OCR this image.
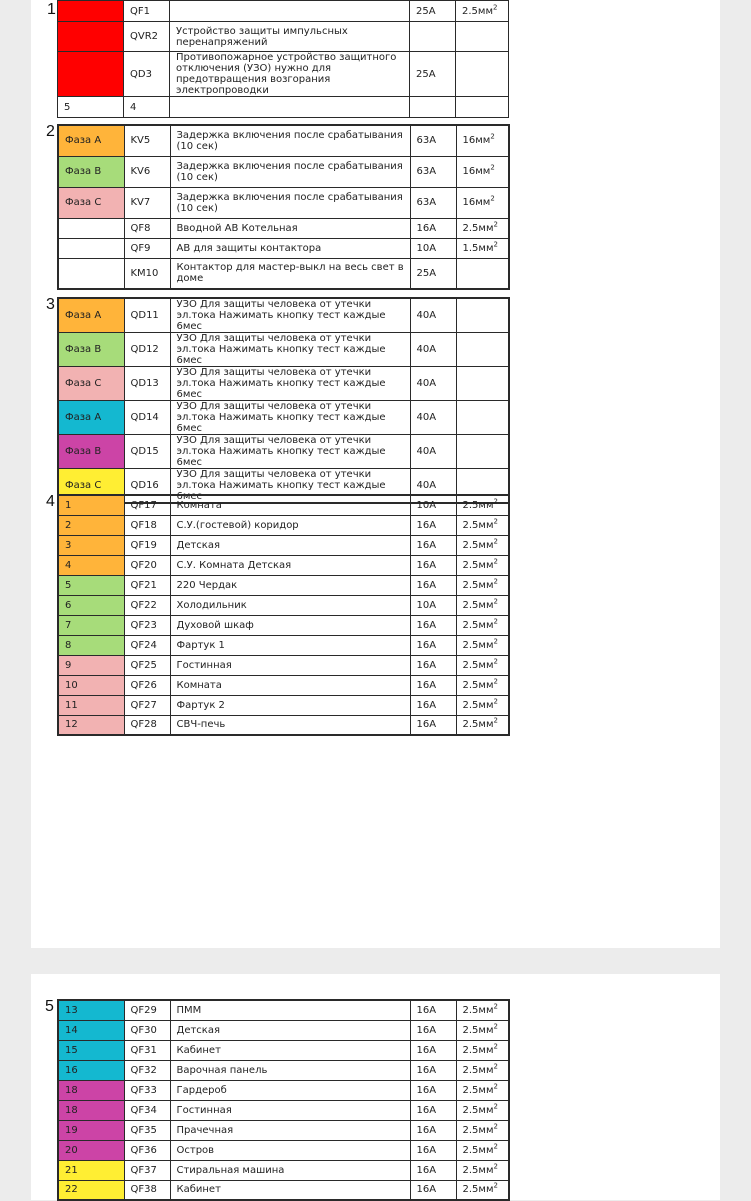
1
		QF1		25A	$2.5мм^2$
	QVR2	Устройство защиты импульсных перенапряжений		
	QD3	Противопожарное устройство защитного отключения (УЗО) нужно для предотвращения возгорания электропроводки	25A	
5	4			
2
Фаза А	KV5	Задержка включения после срабатывания (10 сек)	63A	$16мм^2$
Фаза В	KV6	Задержка включения после срабатывания (10 сек)	63A	$16мм^2$
Фаза С	KV7	Задержка включения после срабатывания (10 сек)	63A	$16мм^2$
	QF8	Вводной АВ Котельная	16A	$2.5мм^2$
	QF9	АВ для защиты контактора	10A	$1.5мм^2$
	KM10	Контактор для мастер-выкл на весь свет в доме	25A	
3
Фаза А	QD11	УЗО Для защиты человека от утечки эл.тока Нажимать кнопку тест каждые 6мес	40A	
Фаза В	QD12	УЗО Для защиты человека от утечки эл.тока Нажимать кнопку тест каждые 6мес	40A	
Фаза С	QD13	УЗО Для защиты человека от утечки эл.тока Нажимать кнопку тест каждые 6мес	40A	
Фаза А	QD14	УЗО Для защиты человека от утечки эл.тока Нажимать кнопку тест каждые 6мес	40A	
Фаза В	QD15	УЗО Для защиты человека от утечки эл.тока Нажимать кнопку тест каждые 6мес	40A	
Фаза С	QD16	УЗО Для защиты человека от утечки эл.тока Нажимать кнопку тест каждые 6мес	40A	
4 1	QF17	Комната	10A	$2.5мм^2$
2	QF18	С.У.(гостевой) коридор	16A	$2.5мм^2$
3	QF19	Детская	16A	$2.5мм^2$
4	QF20	С.У. Комната Детская	16A	$2.5мм^2$
5	QF21	220 Чердак	16A	$2.5мм^2$
6	QF22	Холодильник	10A	$2.5мм^2$
7	QF23	Духовой шкаф	16A	$2.5мм^2$
8	QF24	Фартук 1	16A	$2.5мм^2$
9	QF25	Гостинная	16A	$2.5мм^2$
10	QF26	Комната	16A	$2.5мм^2$
11	QF27	Фартук 2	16A	$2.5мм^2$
12	QF28	СВЧ-печь	16A	$2.5мм^2$
5 13	QF29	ПММ	16A	$2.5мм^2$
14	QF30	Детская	16A	$2.5мм^2$
15	QF31	Кабинет	16A	$2.5мм^2$
16	QF32	Варочная панель	16A	$2.5мм^2$
18	QF33	Гардероб	16A	$2.5мм^2$
18	QF34	Гостинная	16A	$2.5мм^2$
19	QF35	Прачечная	16A	$2.5мм^2$
20	QF36	Остров	16A	$2.5мм^2$
21	QF37	Стиральная машина	16A	$2.5мм^2$
22	QF38	Кабинет	16A	$2.5мм^2$
